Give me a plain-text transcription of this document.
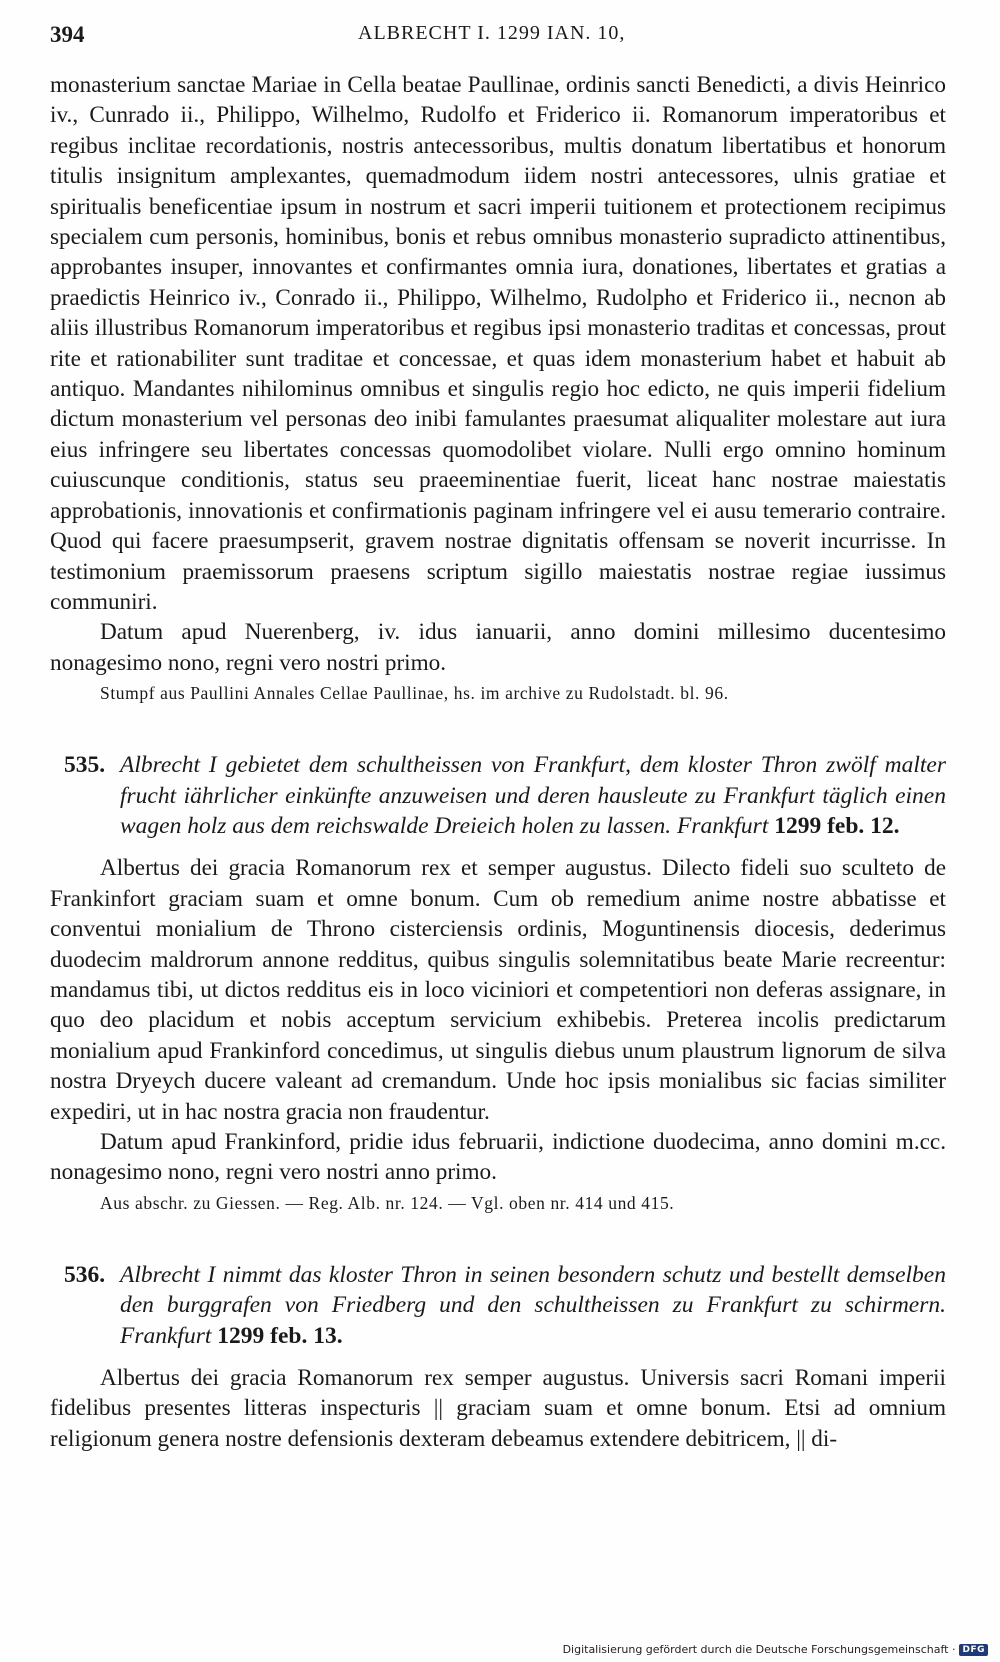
394	ALBRECHT I. 1299 IAN. 10,

monasterium sanctae Mariae in Cella beatae Paullinae, ordinis sancti Benedicti, a divis Heinrico iv., Cunrado ii., Philippo, Wilhelmo, Rudolfo et Friderico ii. Romanorum imperatoribus et regibus inclitae recordationis, nostris antecessoribus, multis donatum libertatibus et honorum titulis insignitum amplexantes, quemadmodum iidem nostri antecessores, ulnis gratiae et spiritualis beneficentiae ipsum in nostrum et sacri imperii tuitionem et protectionem recipimus specialem cum personis, hominibus, bonis et rebus omnibus monasterio supradicto attinentibus, approbantes insuper, innovantes et confirmantes omnia iura, donationes, libertates et gratias a praedictis Heinrico iv., Conrado ii., Philippo, Wilhelmo, Rudolpho et Friderico ii., necnon ab aliis illustribus Romanorum imperatoribus et regibus ipsi monasterio traditas et concessas, prout rite et rationabiliter sunt traditae et concessae, et quas idem monasterium habet et habuit ab antiquo. Mandantes nihilominus omnibus et singulis regio hoc edicto, ne quis imperii fidelium dictum monasterium vel personas deo inibi famulantes praesumat aliqualiter molestare aut iura eius infringere seu libertates concessas quomodolibet violare. Nulli ergo omnino hominum cuiuscunque conditionis, status seu praeeminentiae fuerit, liceat hanc nostrae maiestatis approbationis, innovationis et confirmationis paginam infringere vel ei ausu temerario contraire. Quod qui facere praesumpserit, gravem nostrae dignitatis offensam se noverit incurrisse. In testimonium praemissorum praesens scriptum sigillo maiestatis nostrae regiae iussimus communiri.

Datum apud Nuerenberg, iv. idus ianuarii, anno domini millesimo ducentesimo nonagesimo nono, regni vero nostri primo.

Stumpf aus Paullini Annales Cellae Paullinae, hs. im archive zu Rudolstadt. bl. 96.

535. Albrecht I gebietet dem schultheissen von Frankfurt, dem kloster Thron zwölf malter frucht iährlicher einkünfte anzuweisen und deren hausleute zu Frankfurt täglich einen wagen holz aus dem reichswalde Dreieich holen zu lassen. Frankfurt 1299 feb. 12.

Albertus dei gracia Romanorum rex et semper augustus. Dilecto fideli suo sculteto de Frankinfort graciam suam et omne bonum. Cum ob remedium anime nostre abbatisse et conventui monialium de Throno cisterciensis ordinis, Moguntinensis diocesis, dederimus duodecim maldrorum annone redditus, quibus singulis solemnitatibus beate Marie recreentur: mandamus tibi, ut dictos redditus eis in loco viciniori et competentiori non deferas assignare, in quo deo placidum et nobis acceptum servicium exhibebis. Preterea incolis predictarum monialium apud Frankinford concedimus, ut singulis diebus unum plaustrum lignorum de silva nostra Dryeych ducere valeant ad cremandum. Unde hoc ipsis monialibus sic facias similiter expediri, ut in hac nostra gracia non fraudentur.

Datum apud Frankinford, pridie idus februarii, indictione duodecima, anno domini m.cc. nonagesimo nono, regni vero nostri anno primo.

Aus abschr. zu Giessen. — Reg. Alb. nr. 124. — Vgl. oben nr. 414 und 415.

536. Albrecht I nimmt das kloster Thron in seinen besondern schutz und bestellt demselben den burggrafen von Friedberg und den schultheissen zu Frankfurt zu schirmern. Frankfurt 1299 feb. 13.

Albertus dei gracia Romanorum rex semper augustus. Universis sacri Romani imperii fidelibus presentes litteras inspecturis || graciam suam et omne bonum. Etsi ad omnium religionum genera nostre defensionis dexteram debeamus extendere debitricem, || di-

Digitalisierung gefördert durch die Deutsche Forschungsgemeinschaft · DFG
